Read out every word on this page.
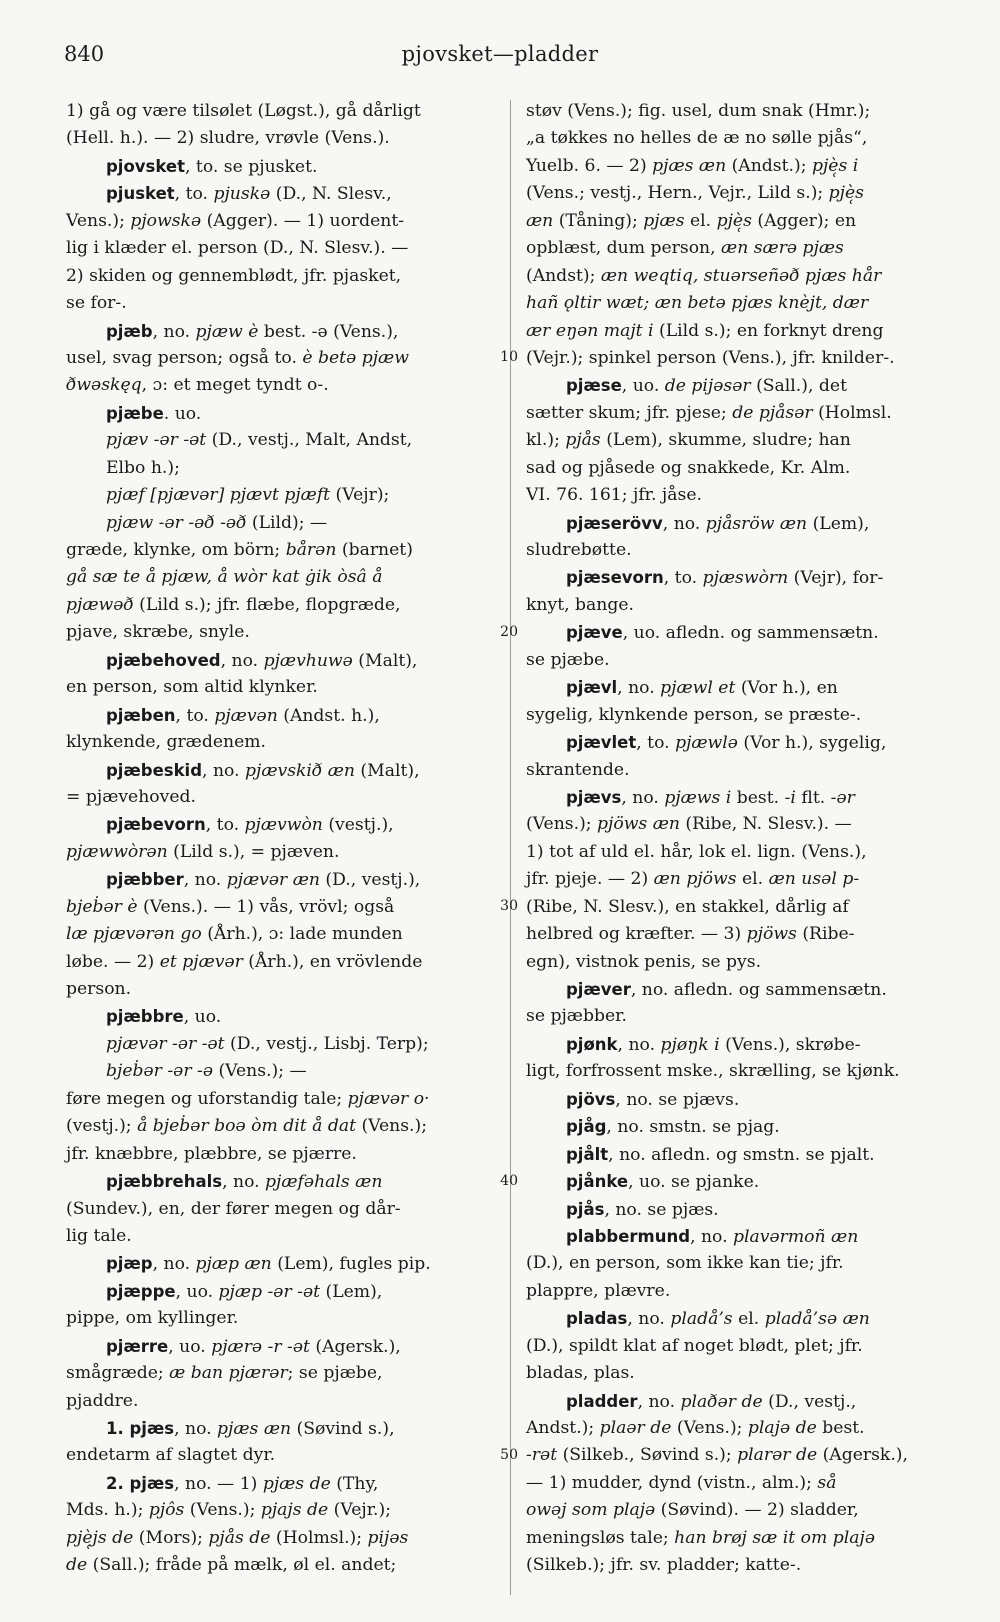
840	pjovsket—pladder
1) gå og være tilsølet (Løgst.), gå dårligt
(Hell. h.). — 2) sludre, vrøvle (Vens.).
pjovsket, to. se pjusket.
pjusket, to. pjuskə (D., N. Slesv.,
Vens.); pjowskə (Agger). — 1) uordent-
lig i klæder el. person (D., N. Slesv.). —
2) skiden og gennemblødt, jfr. pjasket,
se for-.
pjæb, no. pjæw è best. -ə (Vens.),
usel, svag person; også to. è betə pjæw
ðwəskęq, ɔ: et meget tyndt o-.
pjæbe. uo.
pjæv -ər -ət (D., vestj., Malt, Andst,
Elbo h.);
pjæf [pjævər] pjævt pjæft (Vejr);
pjæw -ər -əð -əð (Lild); —
græde, klynke, om börn; bårən (barnet)
gå sæ te å pjæw, å wòr kat ġik òsâ å
pjæwəð (Lild s.); jfr. flæbe, flopgræde,
pjave, skræbe, snyle.
pjæbehoved, no. pjævhuwə (Malt),
en person, som altid klynker.
pjæben, to. pjævən (Andst. h.),
klynkende, grædenem.
pjæbeskid, no. pjævskið æn (Malt),
= pjævehoved.
pjæbevorn, to. pjævwòn (vestj.),
pjæwwòrən (Lild s.), = pjæven.
pjæbber, no. pjævər æn (D., vestj.),
bjeḃər è (Vens.). — 1) vås, vrövl; også
læ pjævərən go (Årh.), ɔ: lade munden
løbe. — 2) et pjævər (Årh.), en vrövlende
person.
pjæbbre, uo.
pjævər -ər -ət (D., vestj., Lisbj. Terp);
bjeḃər -ər -ə (Vens.); —
føre megen og uforstandig tale; pjævər o·
(vestj.); å bjeḃər boə òm dit å dat (Vens.);
jfr. knæbbre, plæbbre, se pjærre.
pjæbbrehals, no. pjæfəhals æn
(Sundev.), en, der fører megen og dår-
lig tale.
pjæp, no. pjæp æn (Lem), fugles pip.
pjæppe, uo. pjæp -ər -ət (Lem),
pippe, om kyllinger.
pjærre, uo. pjærə -r -ət (Agersk.),
smågræde; æ ban pjærər; se pjæbe,
pjaddre.
1. pjæs, no. pjæs æn (Søvind s.),
endetarm af slagtet dyr.
2. pjæs, no. — 1) pjæs de (Thy,
Mds. h.); pjôs (Vens.); pjajs de (Vejr.);
pjè̜js de (Mors); pjås de (Holmsl.); pijəs
de (Sall.); fråde på mælk, øl el. andet;
støv (Vens.); fig. usel, dum snak (Hmr.);
„a tøkkes no helles de æ no sølle pjås“,
Yuelb. 6. — 2) pjæs æn (Andst.); pjè̜s i
(Vens.; vestj., Hern., Vejr., Lild s.); pjè̜s
æn (Tåning); pjæs el. pjè̜s (Agger); en
opblæst, dum person, æn særə pjæs
(Andst); æn weqtiq, stuərseñəð pjæs hår
hañ ǫltir wæt; æn betə pjæs knèjt, dær
ær eŋən majt i (Lild s.); en forknyt dreng
(Vejr.); spinkel person (Vens.), jfr. knilder-.
pjæse, uo. de pijəsər (Sall.), det
sætter skum; jfr. pjese; de pjåsər (Holmsl.
kl.); pjås (Lem), skumme, sludre; han
sad og pjåsede og snakkede, Kr. Alm.
VI. 76. 161; jfr. jåse.
pjæserövv, no. pjåsröw æn (Lem),
sludrebøtte.
pjæsevorn, to. pjæswòrn (Vejr), for-
knyt, bange.
pjæve, uo. afledn. og sammensætn.
se pjæbe.
pjævl, no. pjæwl et (Vor h.), en
sygelig, klynkende person, se præste-.
pjævlet, to. pjæwlə (Vor h.), sygelig,
skrantende.
pjævs, no. pjæws i best. -i flt. -ər
(Vens.); pjöws æn (Ribe, N. Slesv.). —
1) tot af uld el. hår, lok el. lign. (Vens.),
jfr. pjeje. — 2) æn pjöws el. æn usəl p-
(Ribe, N. Slesv.), en stakkel, dårlig af
helbred og kræfter. — 3) pjöws (Ribe-
egn), vistnok penis, se pys.
pjæver, no. afledn. og sammensætn.
se pjæbber.
pjønk, no. pjøŋk i (Vens.), skrøbe-
ligt, forfrossent mske., skrælling, se kjønk.
pjövs, no. se pjævs.
pjåg, no. smstn. se pjag.
pjålt, no. afledn. og smstn. se pjalt.
pjånke, uo. se pjanke.
pjås, no. se pjæs.
plabbermund, no. plavərmoñ æn
(D.), en person, som ikke kan tie; jfr.
plappre, plævre.
pladas, no. pladå’s el. pladå’sə æn
(D.), spildt klat af noget blødt, plet; jfr.
bladas, plas.
pladder, no. plaðər de (D., vestj.,
Andst.); plaər de (Vens.); plajə de best.
-rət (Silkeb., Søvind s.); plarər de (Agersk.),
— 1) mudder, dynd (vistn., alm.); så
owəj som plajə (Søvind). — 2) sladder,
meningsløs tale; han brøj sæ it om plajə
(Silkeb.); jfr. sv. pladder; katte-.
10
20
30
40
50
